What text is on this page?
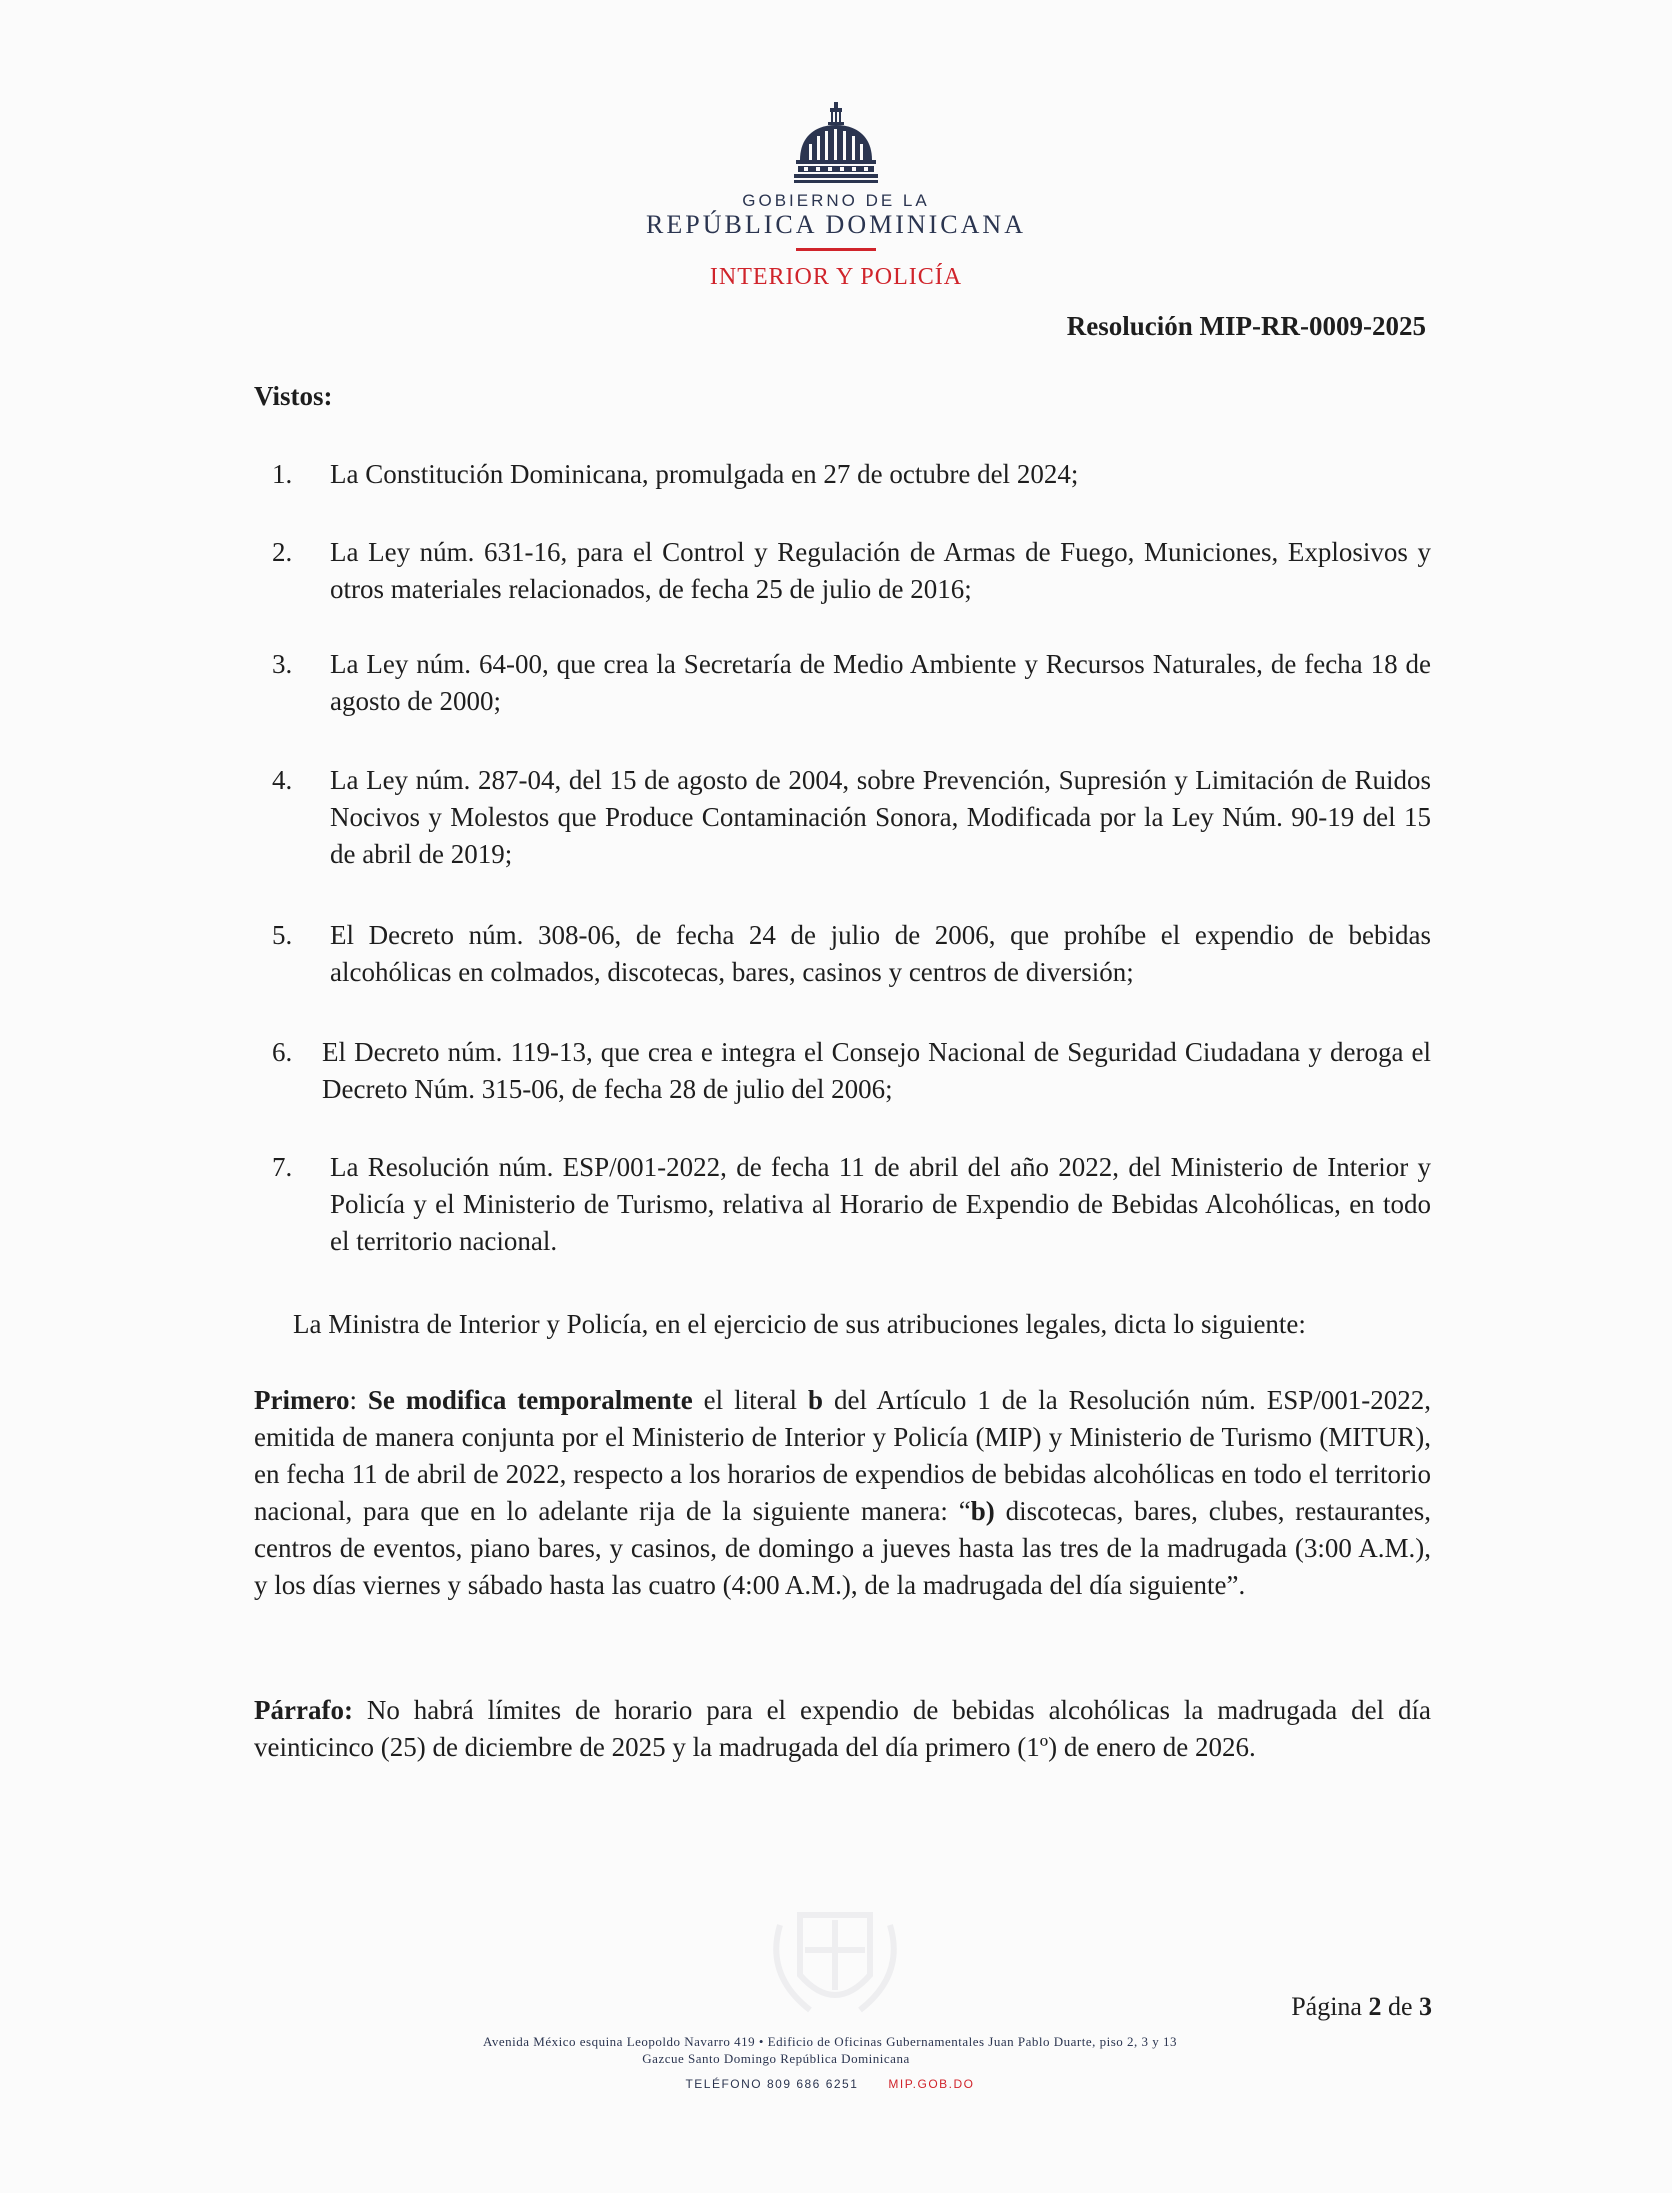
GOBIERNO DE LA
REPÚBLICA DOMINICANA
INTERIOR Y POLICÍA
Resolución MIP-RR-0009-2025
Vistos:
1. La Constitución Dominicana, promulgada en 27 de octubre del 2024;
2. La Ley núm. 631-16, para el Control y Regulación de Armas de Fuego, Municiones, Explosivos y otros materiales relacionados, de fecha 25 de julio de 2016;
3. La Ley núm. 64-00, que crea la Secretaría de Medio Ambiente y Recursos Naturales, de fecha 18 de agosto de 2000;
4. La Ley núm. 287-04, del 15 de agosto de 2004, sobre Prevención, Supresión y Limitación de Ruidos Nocivos y Molestos que Produce Contaminación Sonora, Modificada por la Ley Núm. 90-19 del 15 de abril de 2019;
5. El Decreto núm. 308-06, de fecha 24 de julio de 2006, que prohíbe el expendio de bebidas alcohólicas en colmados, discotecas, bares, casinos y centros de diversión;
6. El Decreto núm. 119-13, que crea e integra el Consejo Nacional de Seguridad Ciudadana y deroga el Decreto Núm. 315-06, de fecha 28 de julio del 2006;
7. La Resolución núm. ESP/001-2022, de fecha 11 de abril del año 2022, del Ministerio de Interior y Policía y el Ministerio de Turismo, relativa al Horario de Expendio de Bebidas Alcohólicas, en todo el territorio nacional.
La Ministra de Interior y Policía, en el ejercicio de sus atribuciones legales, dicta lo siguiente:
Primero: Se modifica temporalmente el literal b del Artículo 1 de la Resolución núm. ESP/001-2022, emitida de manera conjunta por el Ministerio de Interior y Policía (MIP) y Ministerio de Turismo (MITUR), en fecha 11 de abril de 2022, respecto a los horarios de expendios de bebidas alcohólicas en todo el territorio nacional, para que en lo adelante rija de la siguiente manera: “b) discotecas, bares, clubes, restaurantes, centros de eventos, piano bares, y casinos, de domingo a jueves hasta las tres de la madrugada (3:00 A.M.), y los días viernes y sábado hasta las cuatro (4:00 A.M.), de la madrugada del día siguiente”.
Párrafo: No habrá límites de horario para el expendio de bebidas alcohólicas la madrugada del día veinticinco (25) de diciembre de 2025 y la madrugada del día primero (1º) de enero de 2026.
Página 2 de 3
Avenida México esquina Leopoldo Navarro 419 • Edificio de Oficinas Gubernamentales Juan Pablo Duarte, piso 2, 3 y 13
Gazcue Santo Domingo República Dominicana
TELÉFONO 809 686 6251	MIP.GOB.DO
